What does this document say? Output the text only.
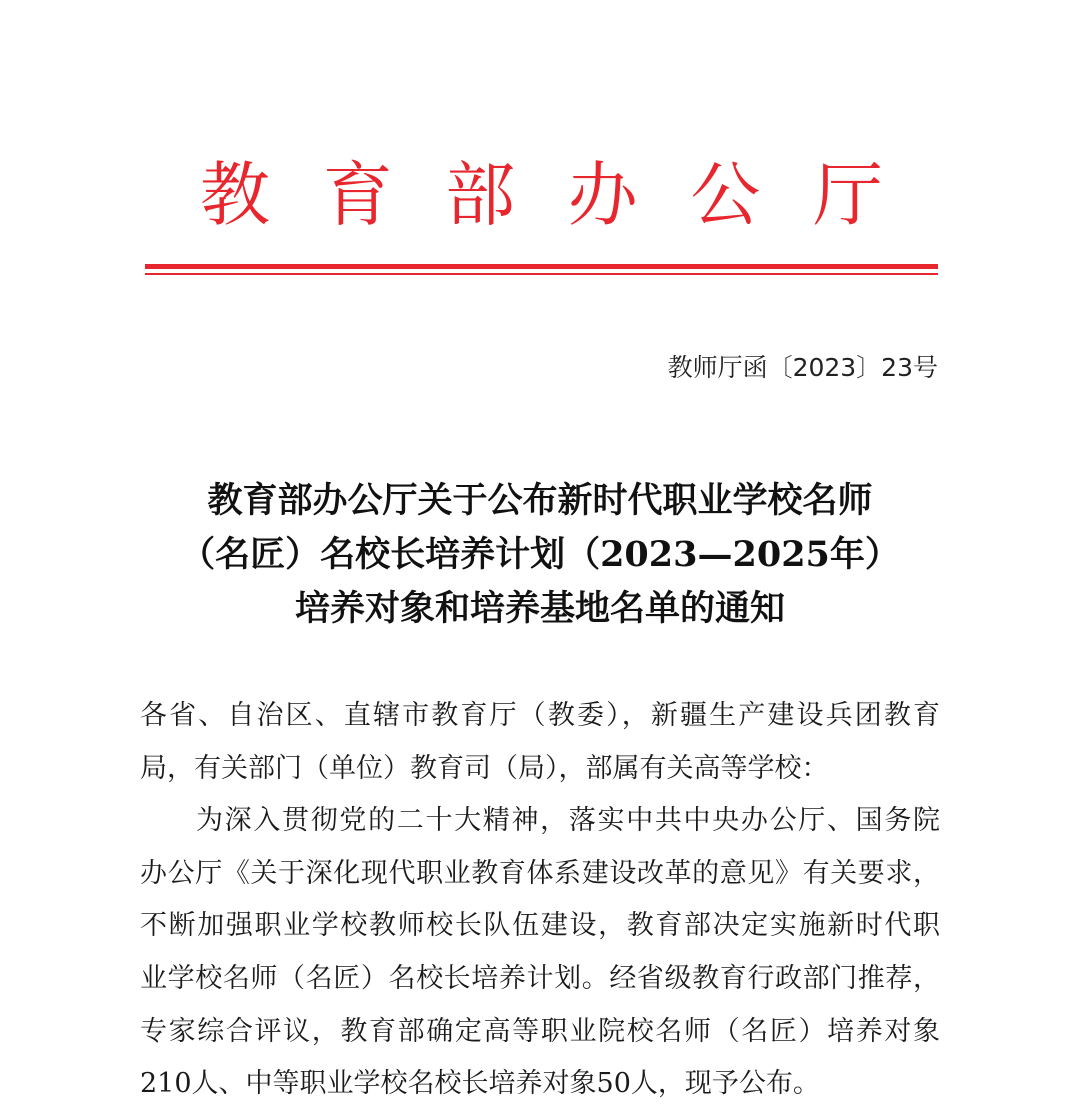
教 育 部 办 公 厅
教师厅函〔2023〕23号
教育部办公厅关于公布新时代职业学校名师
（名匠）名校长培养计划（2023—2025年）
培养对象和培养基地名单的通知
各省、自治区、直辖市教育厅（教委），新疆生产建设兵团教育
局，有关部门（单位）教育司（局），部属有关高等学校：
为深入贯彻党的二十大精神，落实中共中央办公厅、国务院
办公厅《关于深化现代职业教育体系建设改革的意见》有关要求，
不断加强职业学校教师校长队伍建设，教育部决定实施新时代职
业学校名师（名匠）名校长培养计划。经省级教育行政部门推荐，
专家综合评议，教育部确定高等职业院校名师（名匠）培养对象
210人、中等职业学校名校长培养对象50人，现予公布。
